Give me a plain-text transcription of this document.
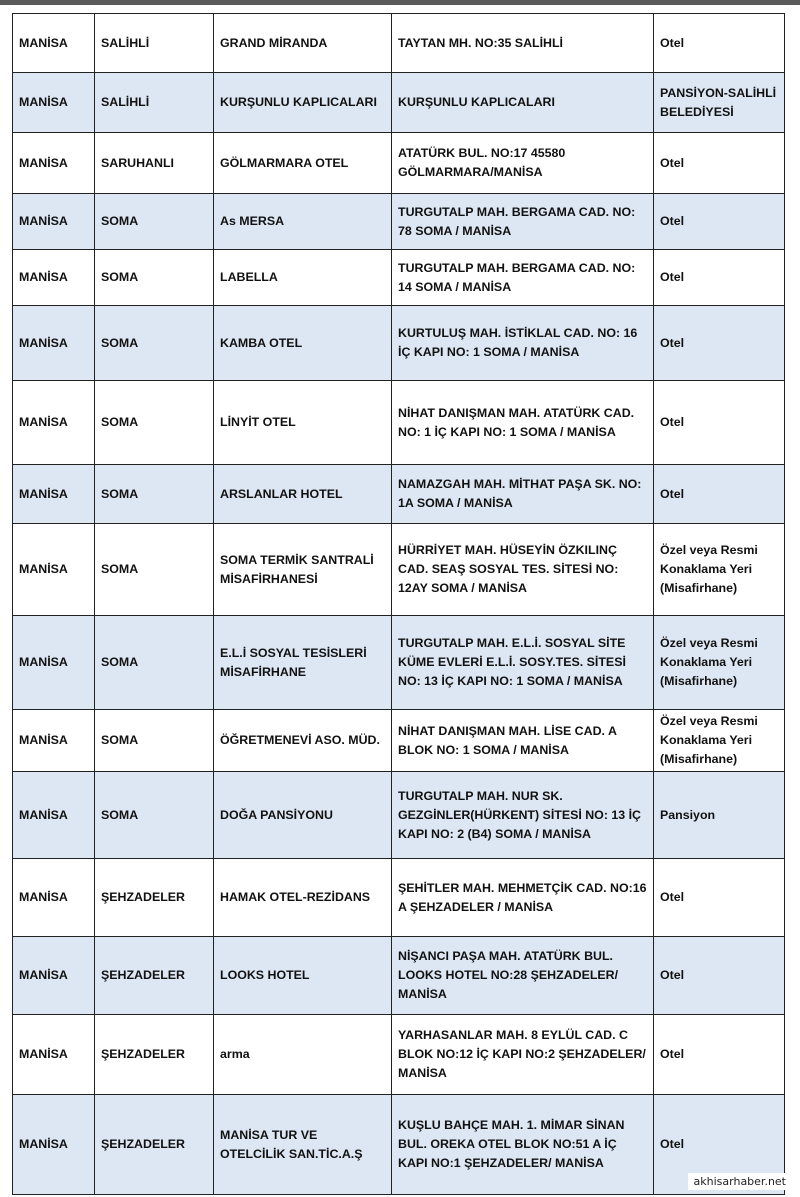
MANİSA	SALİHLİ	GRAND MİRANDA	TAYTAN MH. NO:35 SALİHLİ	Otel
MANİSA	SALİHLİ	KURŞUNLU KAPLICALARI	KURŞUNLU KAPLICALARI	PANSİYON-SALİHLİ BELEDİYESİ
MANİSA	SARUHANLI	GÖLMARMARA OTEL	ATATÜRK BUL. NO:17 45580 GÖLMARMARA/MANİSA	Otel
MANİSA	SOMA	As MERSA	TURGUTALP MAH. BERGAMA CAD. NO: 78 SOMA / MANİSA	Otel
MANİSA	SOMA	LABELLA	TURGUTALP MAH. BERGAMA CAD. NO: 14 SOMA / MANİSA	Otel
MANİSA	SOMA	KAMBA OTEL	KURTULUŞ MAH. İSTİKLAL CAD. NO: 16 İÇ KAPI NO: 1 SOMA / MANİSA	Otel
MANİSA	SOMA	LİNYİT OTEL	NİHAT DANIŞMAN MAH. ATATÜRK CAD. NO: 1 İÇ KAPI NO: 1 SOMA / MANİSA	Otel
MANİSA	SOMA	ARSLANLAR HOTEL	NAMAZGAH MAH. MİTHAT PAŞA SK. NO: 1A SOMA / MANİSA	Otel
MANİSA	SOMA	SOMA TERMİK SANTRALİ MİSAFİRHANESİ	HÜRRİYET MAH. HÜSEYİN ÖZKILINÇ CAD. SEAŞ SOSYAL TES. SİTESİ NO: 12AY SOMA / MANİSA	Özel veya Resmi Konaklama Yeri (Misafirhane)
MANİSA	SOMA	E.L.İ SOSYAL TESİSLERİ MİSAFİRHANE	TURGUTALP MAH. E.L.İ. SOSYAL SİTE KÜME EVLERİ E.L.İ. SOSY.TES. SİTESİ NO: 13 İÇ KAPI NO: 1 SOMA / MANİSA	Özel veya Resmi Konaklama Yeri (Misafirhane)
MANİSA	SOMA	ÖĞRETMENEVİ ASO. MÜD.	NİHAT DANIŞMAN MAH. LİSE CAD. A BLOK NO: 1 SOMA / MANİSA	Özel veya Resmi Konaklama Yeri (Misafirhane)
MANİSA	SOMA	DOĞA PANSİYONU	TURGUTALP MAH. NUR SK. GEZGİNLER(HÜRKENT) SİTESİ NO: 13 İÇ KAPI NO: 2 (B4) SOMA / MANİSA	Pansiyon
MANİSA	ŞEHZADELER	HAMAK OTEL-REZİDANS	ŞEHİTLER MAH. MEHMETÇİK CAD. NO:16 A ŞEHZADELER / MANİSA	Otel
MANİSA	ŞEHZADELER	LOOKS HOTEL	NİŞANCI PAŞA MAH. ATATÜRK BUL. LOOKS HOTEL NO:28 ŞEHZADELER/ MANİSA	Otel
MANİSA	ŞEHZADELER	arma	YARHASANLAR MAH. 8 EYLÜL CAD. C BLOK NO:12 İÇ KAPI NO:2 ŞEHZADELER/ MANİSA	Otel
MANİSA	ŞEHZADELER	MANİSA TUR VE OTELCİLİK SAN.TİC.A.Ş	KUŞLU BAHÇE MAH. 1. MİMAR SİNAN BUL. OREKA OTEL BLOK NO:51 A İÇ KAPI NO:1 ŞEHZADELER/ MANİSA	Otel
akhisarhaber.net
